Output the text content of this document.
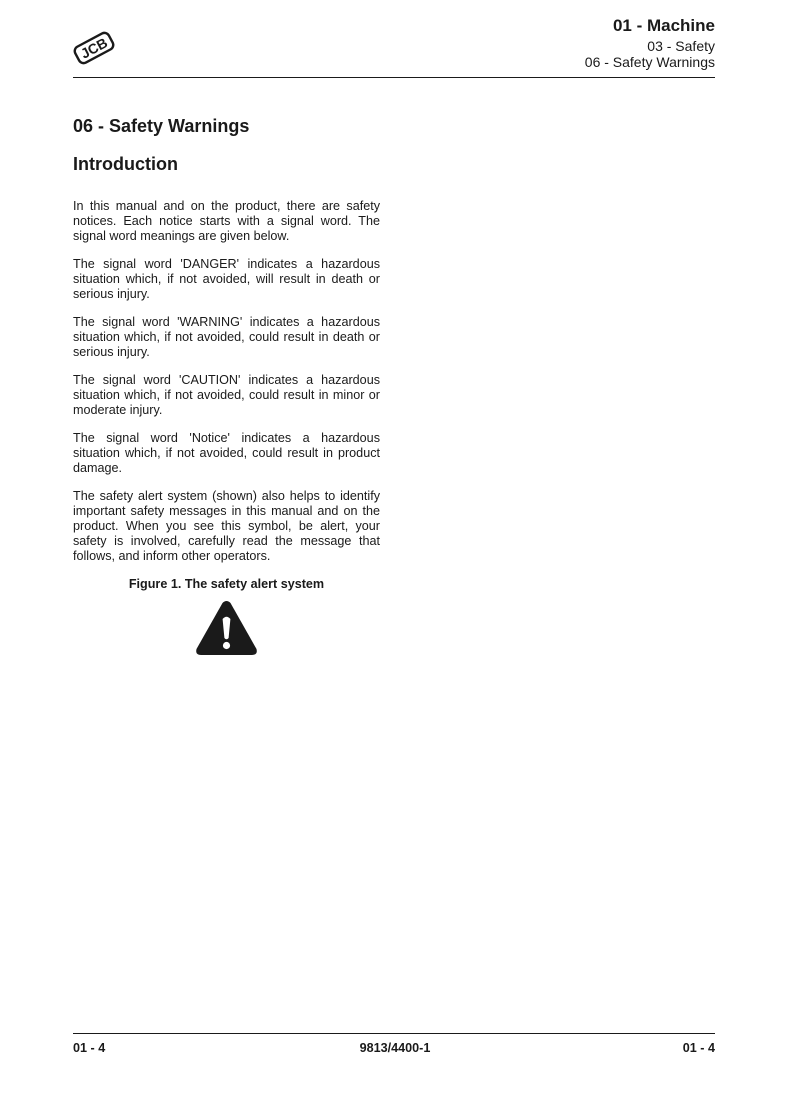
JCB
01 - Machine
03 - Safety
06 - Safety Warnings
06 - Safety Warnings
Introduction

In this manual and on the product, there are safety notices. Each notice starts with a signal word. The signal word meanings are given below.

The signal word 'DANGER' indicates a hazardous situation which, if not avoided, will result in death or serious injury.

The signal word 'WARNING' indicates a hazardous situation which, if not avoided, could result in death or serious injury.

The signal word 'CAUTION' indicates a hazardous situation which, if not avoided, could result in minor or moderate injury.

The signal word 'Notice' indicates a hazardous situation which, if not avoided, could result in product damage.

The safety alert system (shown) also helps to identify important safety messages in this manual and on the product. When you see this symbol, be alert, your safety is involved, carefully read the message that follows, and inform other operators.

Figure 1. The safety alert system

01 - 4	9813/4400-1	01 - 4
